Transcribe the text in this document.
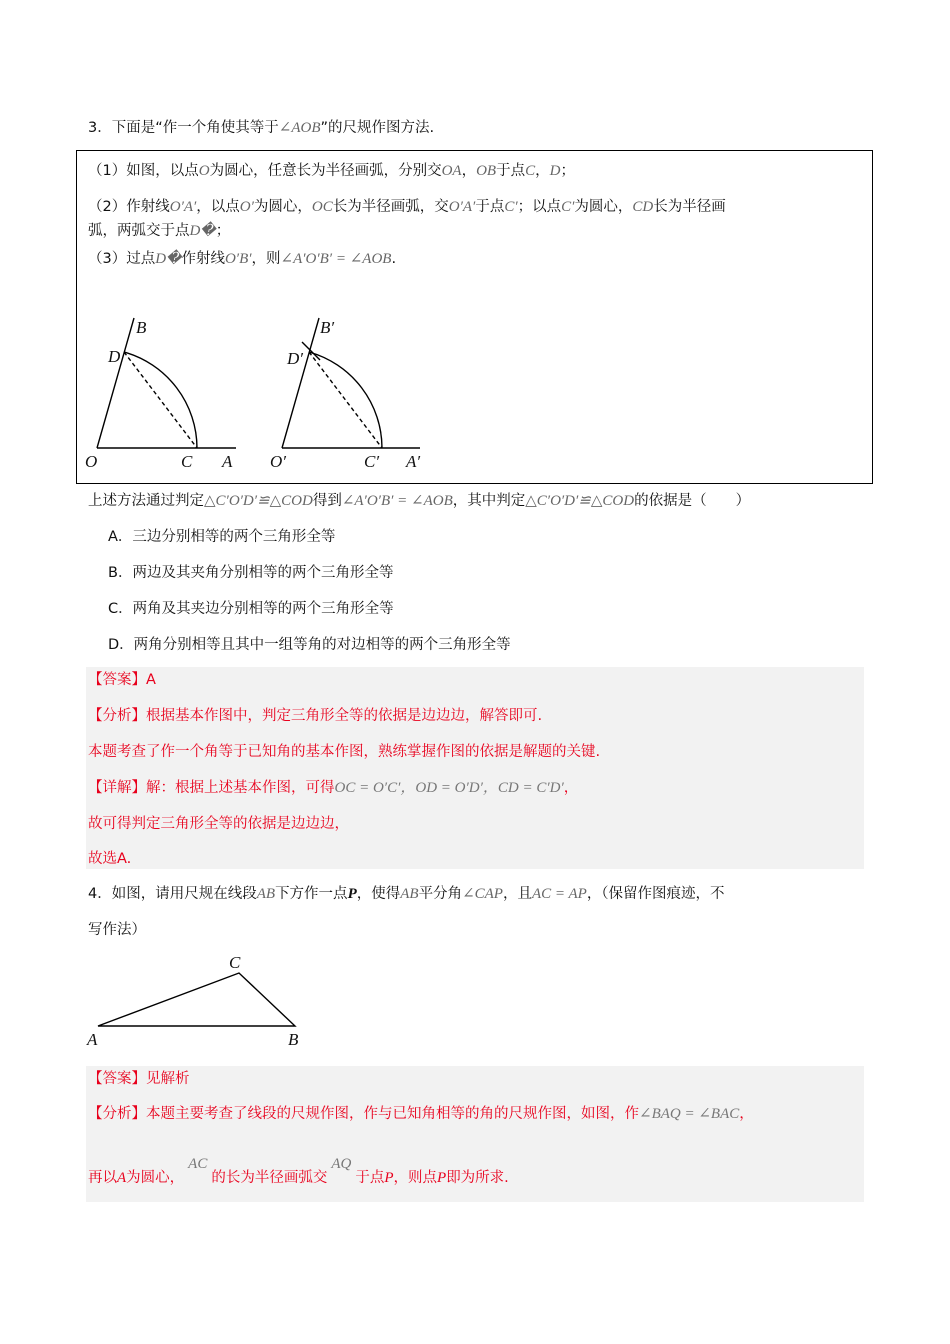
3．下面是“作一个角使其等于∠AOB”的尺规作图方法.
（1）如图，以点O为圆心，任意长为半径画弧，分别交OA，OB于点C，D；
（2）作射线O′A′，以点O′为圆心，OC长为半径画弧，交O′A′于点C′；以点C′为圆心，CD长为半径画
弧，两弧交于点D�；
（3）过点D�作射线O′B′，则∠A′O′B′ = ∠AOB.
B
D
O	C A
B′
D′
O′	C′ A′
上述方法通过判定△C′O′D′≌△COD得到∠A′O′B′ = ∠AOB，其中判定△C′O′D′≌△COD的依据是（　　）
A．三边分别相等的两个三角形全等
B．两边及其夹角分别相等的两个三角形全等
C．两角及其夹边分别相等的两个三角形全等
D．两角分别相等且其中一组等角的对边相等的两个三角形全等
【答案】A
【分析】根据基本作图中，判定三角形全等的依据是边边边，解答即可.
本题考查了作一个角等于已知角的基本作图，熟练掌握作图的依据是解题的关键.
【详解】解：根据上述基本作图，可得OC = O′C′，OD = O′D′，CD = C′D′，
故可得判定三角形全等的依据是边边边，
故选A.
4．如图，请用尺规在线段AB下方作一点P，使得AB平分角∠CAP，且AC = AP，（保留作图痕迹，不
写作法）
C
A	B
【答案】见解析
【分析】本题主要考查了线段的尺规作图，作与已知角相等的角的尺规作图，如图，作∠BAQ = ∠BAC，
再以A为圆心，AC的长为半径画弧交AQ于点P，则点P即为所求.
